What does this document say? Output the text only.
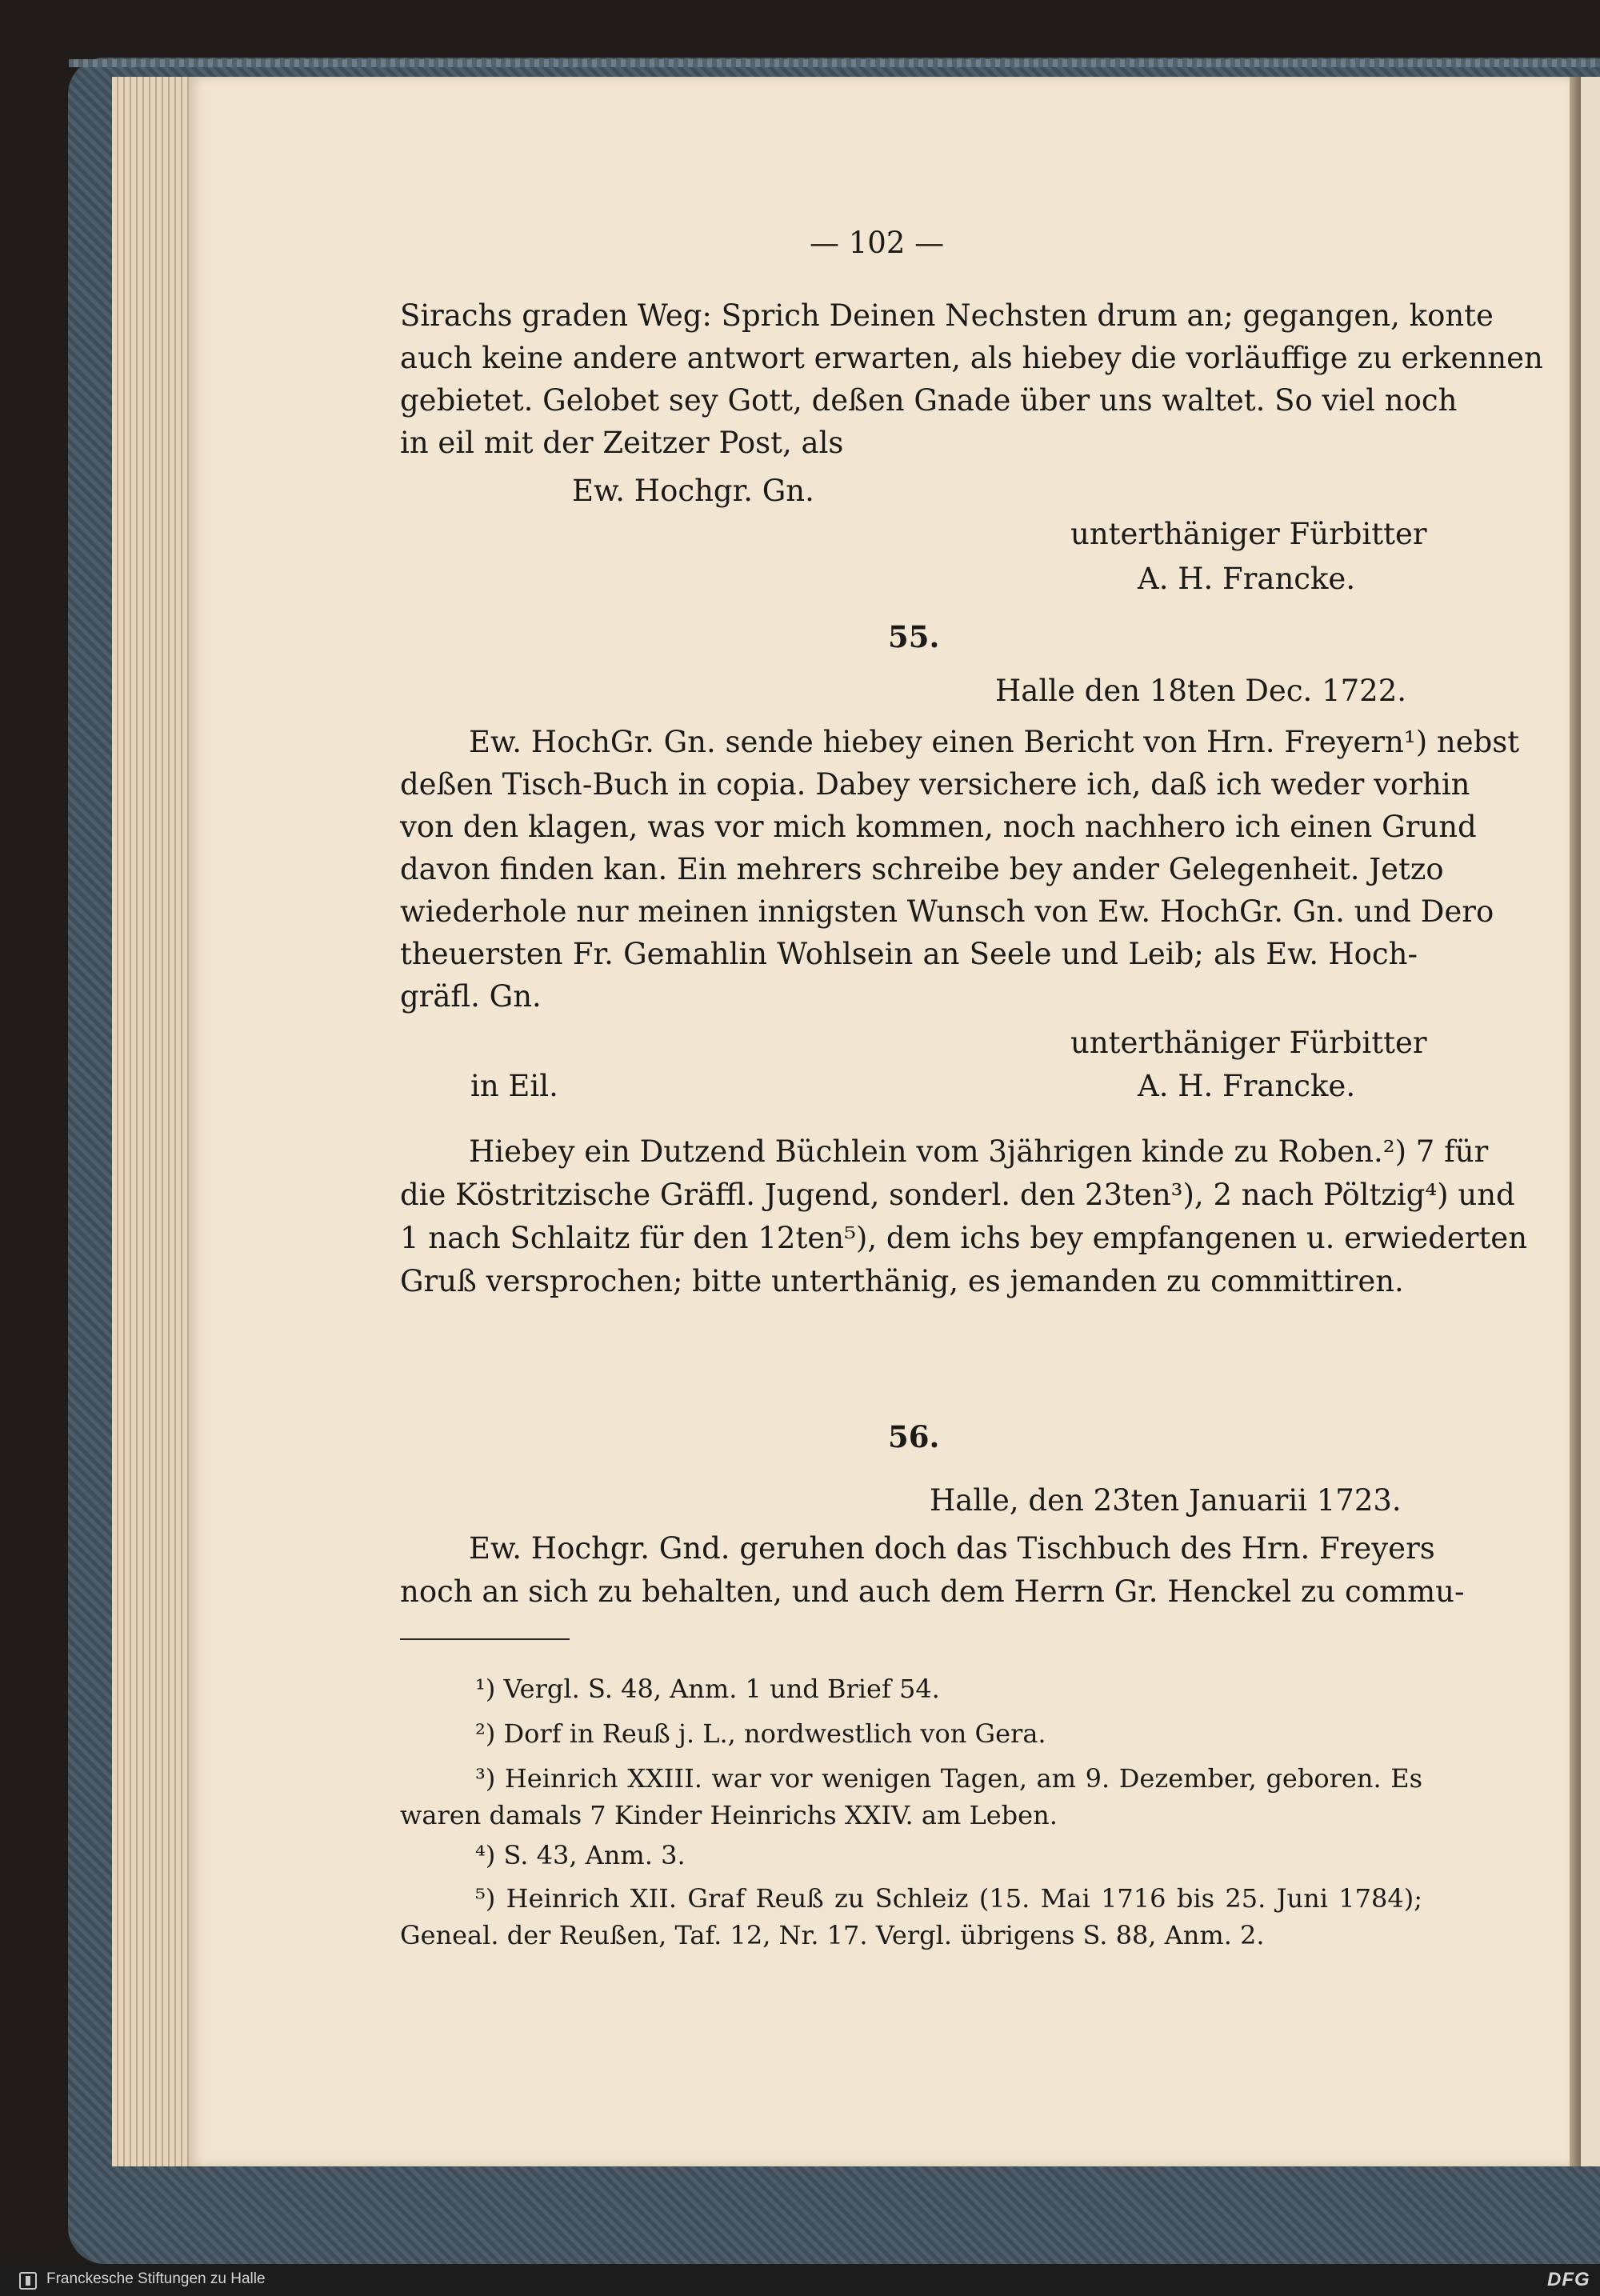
— 102 —
Sirachs graden Weg: Sprich Deinen Nechsten drum an; gegangen, konte
auch keine andere antwort erwarten, als hiebey die vorläuffige zu erkennen
gebietet. Gelobet sey Gott, deßen Gnade über uns waltet. So viel noch
in eil mit der Zeitzer Post, als
Ew. Hochgr. Gn.
unterthäniger Fürbitter
A. H. Francke.
55.
Halle den 18ten Dec. 1722.
Ew. HochGr. Gn. sende hiebey einen Bericht von Hrn. Freyern¹) nebst
deßen Tisch-Buch in copia. Dabey versichere ich, daß ich weder vorhin
von den klagen, was vor mich kommen, noch nachhero ich einen Grund
davon finden kan. Ein mehrers schreibe bey ander Gelegenheit. Jetzo
wiederhole nur meinen innigsten Wunsch von Ew. HochGr. Gn. und Dero
theuersten Fr. Gemahlin Wohlsein an Seele und Leib; als Ew. Hoch-
gräfl. Gn.
unterthäniger Fürbitter
in Eil.	A. H. Francke.
Hiebey ein Dutzend Büchlein vom 3jährigen kinde zu Roben.²) 7 für
die Köstritzische Gräffl. Jugend, sonderl. den 23ten³), 2 nach Pöltzig⁴) und
1 nach Schlaitz für den 12ten⁵), dem ichs bey empfangenen u. erwiederten
Gruß versprochen; bitte unterthänig, es jemanden zu committiren.
56.
Halle, den 23ten Januarii 1723.
Ew. Hochgr. Gnd. geruhen doch das Tischbuch des Hrn. Freyers
noch an sich zu behalten, und auch dem Herrn Gr. Henckel zu commu-
¹) Vergl. S. 48, Anm. 1 und Brief 54.
²) Dorf in Reuß j. L., nordwestlich von Gera.
³) Heinrich XXIII. war vor wenigen Tagen, am 9. Dezember, geboren. Es
waren damals 7 Kinder Heinrichs XXIV. am Leben.
⁴) S. 43, Anm. 3.
⁵) Heinrich XII. Graf Reuß zu Schleiz (15. Mai 1716 bis 25. Juni 1784);
Geneal. der Reußen, Taf. 12, Nr. 17. Vergl. übrigens S. 88, Anm. 2.
Franckesche Stiftungen zu Halle	DFG
